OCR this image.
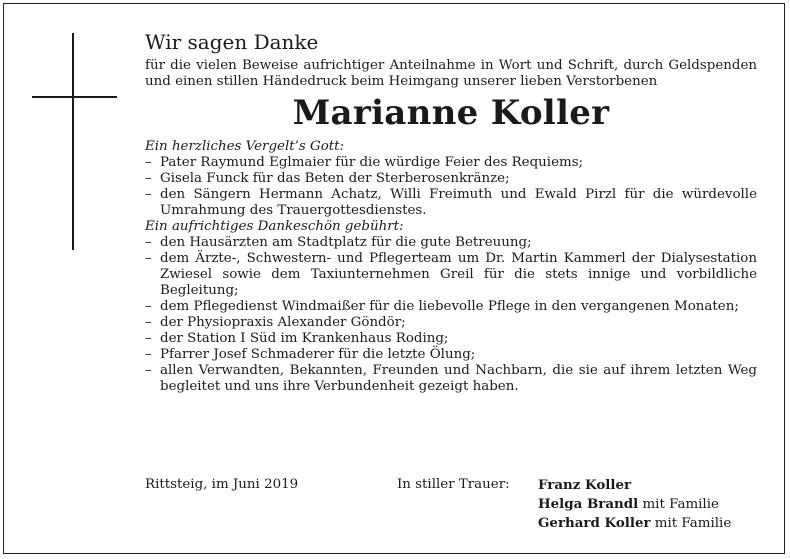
Wir sagen Danke

für die vielen Beweise aufrichtiger Anteilnahme in Wort und Schrift, durch Geldspenden und einen stillen Händedruck beim Heimgang unserer lieben Verstorbenen

Marianne Koller

Ein herzliches Vergelt’s Gott:

– Pater Raymund Eglmaier für die würdige Feier des Requiems;
– Gisela Funck für das Beten der Sterberosenkränze;
– den Sängern Hermann Achatz, Willi Freimuth und Ewald Pirzl für die würdevolle Umrahmung des Trauergottesdienstes.

Ein aufrichtiges Dankeschön gebührt:

– den Hausärzten am Stadtplatz für die gute Betreuung;
– dem Ärzte-, Schwestern- und Pflegerteam um Dr. Martin Kammerl der Dialysestation Zwiesel sowie dem Taxiunternehmen Greil für die stets innige und vorbildliche Begleitung;
– dem Pflegedienst Windmaißer für die liebevolle Pflege in den vergangenen Monaten;
– der Physiopraxis Alexander Göndör;
– der Station I Süd im Krankenhaus Roding;
– Pfarrer Josef Schmaderer für die letzte Ölung;
– allen Verwandten, Bekannten, Freunden und Nachbarn, die sie auf ihrem letzten Weg begleitet und uns ihre Verbundenheit gezeigt haben.
Rittsteig, im Juni 2019	In stiller Trauer: Franz Koller
Helga Brandl mit Familie
Gerhard Koller mit Familie
